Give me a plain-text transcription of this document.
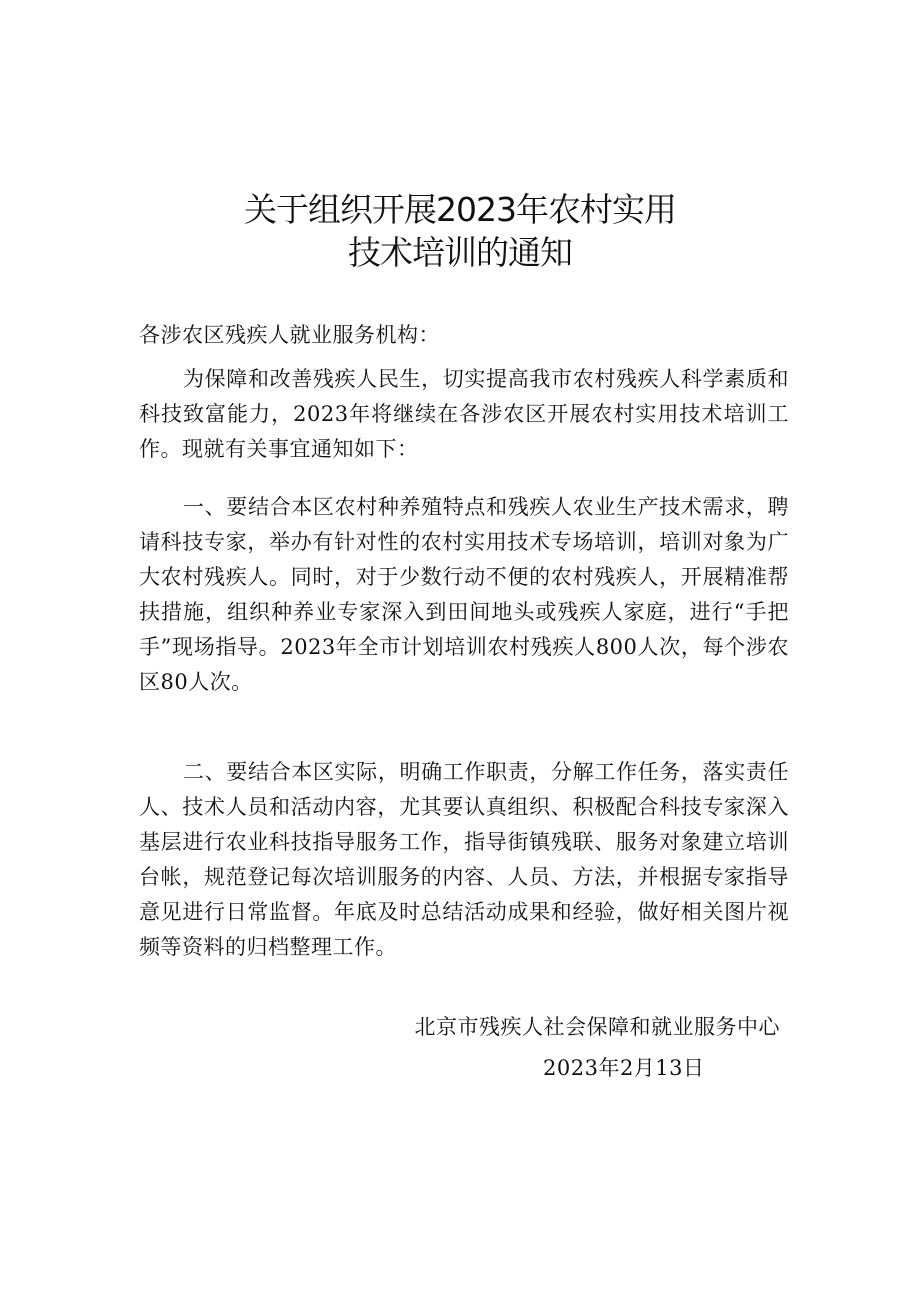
关于组织开展2023年农村实用
技术培训的通知
各涉农区残疾人就业服务机构：
为保障和改善残疾人民生，切实提高我市农村残疾人科学素质和科技致富能力，2023年将继续在各涉农区开展农村实用技术培训工作。现就有关事宜通知如下：
一、要结合本区农村种养殖特点和残疾人农业生产技术需求，聘请科技专家，举办有针对性的农村实用技术专场培训，培训对象为广大农村残疾人。同时，对于少数行动不便的农村残疾人，开展精准帮扶措施，组织种养业专家深入到田间地头或残疾人家庭，进行“手把手”现场指导。2023年全市计划培训农村残疾人800人次，每个涉农区80人次。
二、要结合本区实际，明确工作职责，分解工作任务，落实责任人、技术人员和活动内容，尤其要认真组织、积极配合科技专家深入基层进行农业科技指导服务工作，指导街镇残联、服务对象建立培训台帐，规范登记每次培训服务的内容、人员、方法，并根据专家指导意见进行日常监督。年底及时总结活动成果和经验，做好相关图片视频等资料的归档整理工作。
北京市残疾人社会保障和就业服务中心
2023年2月13日
